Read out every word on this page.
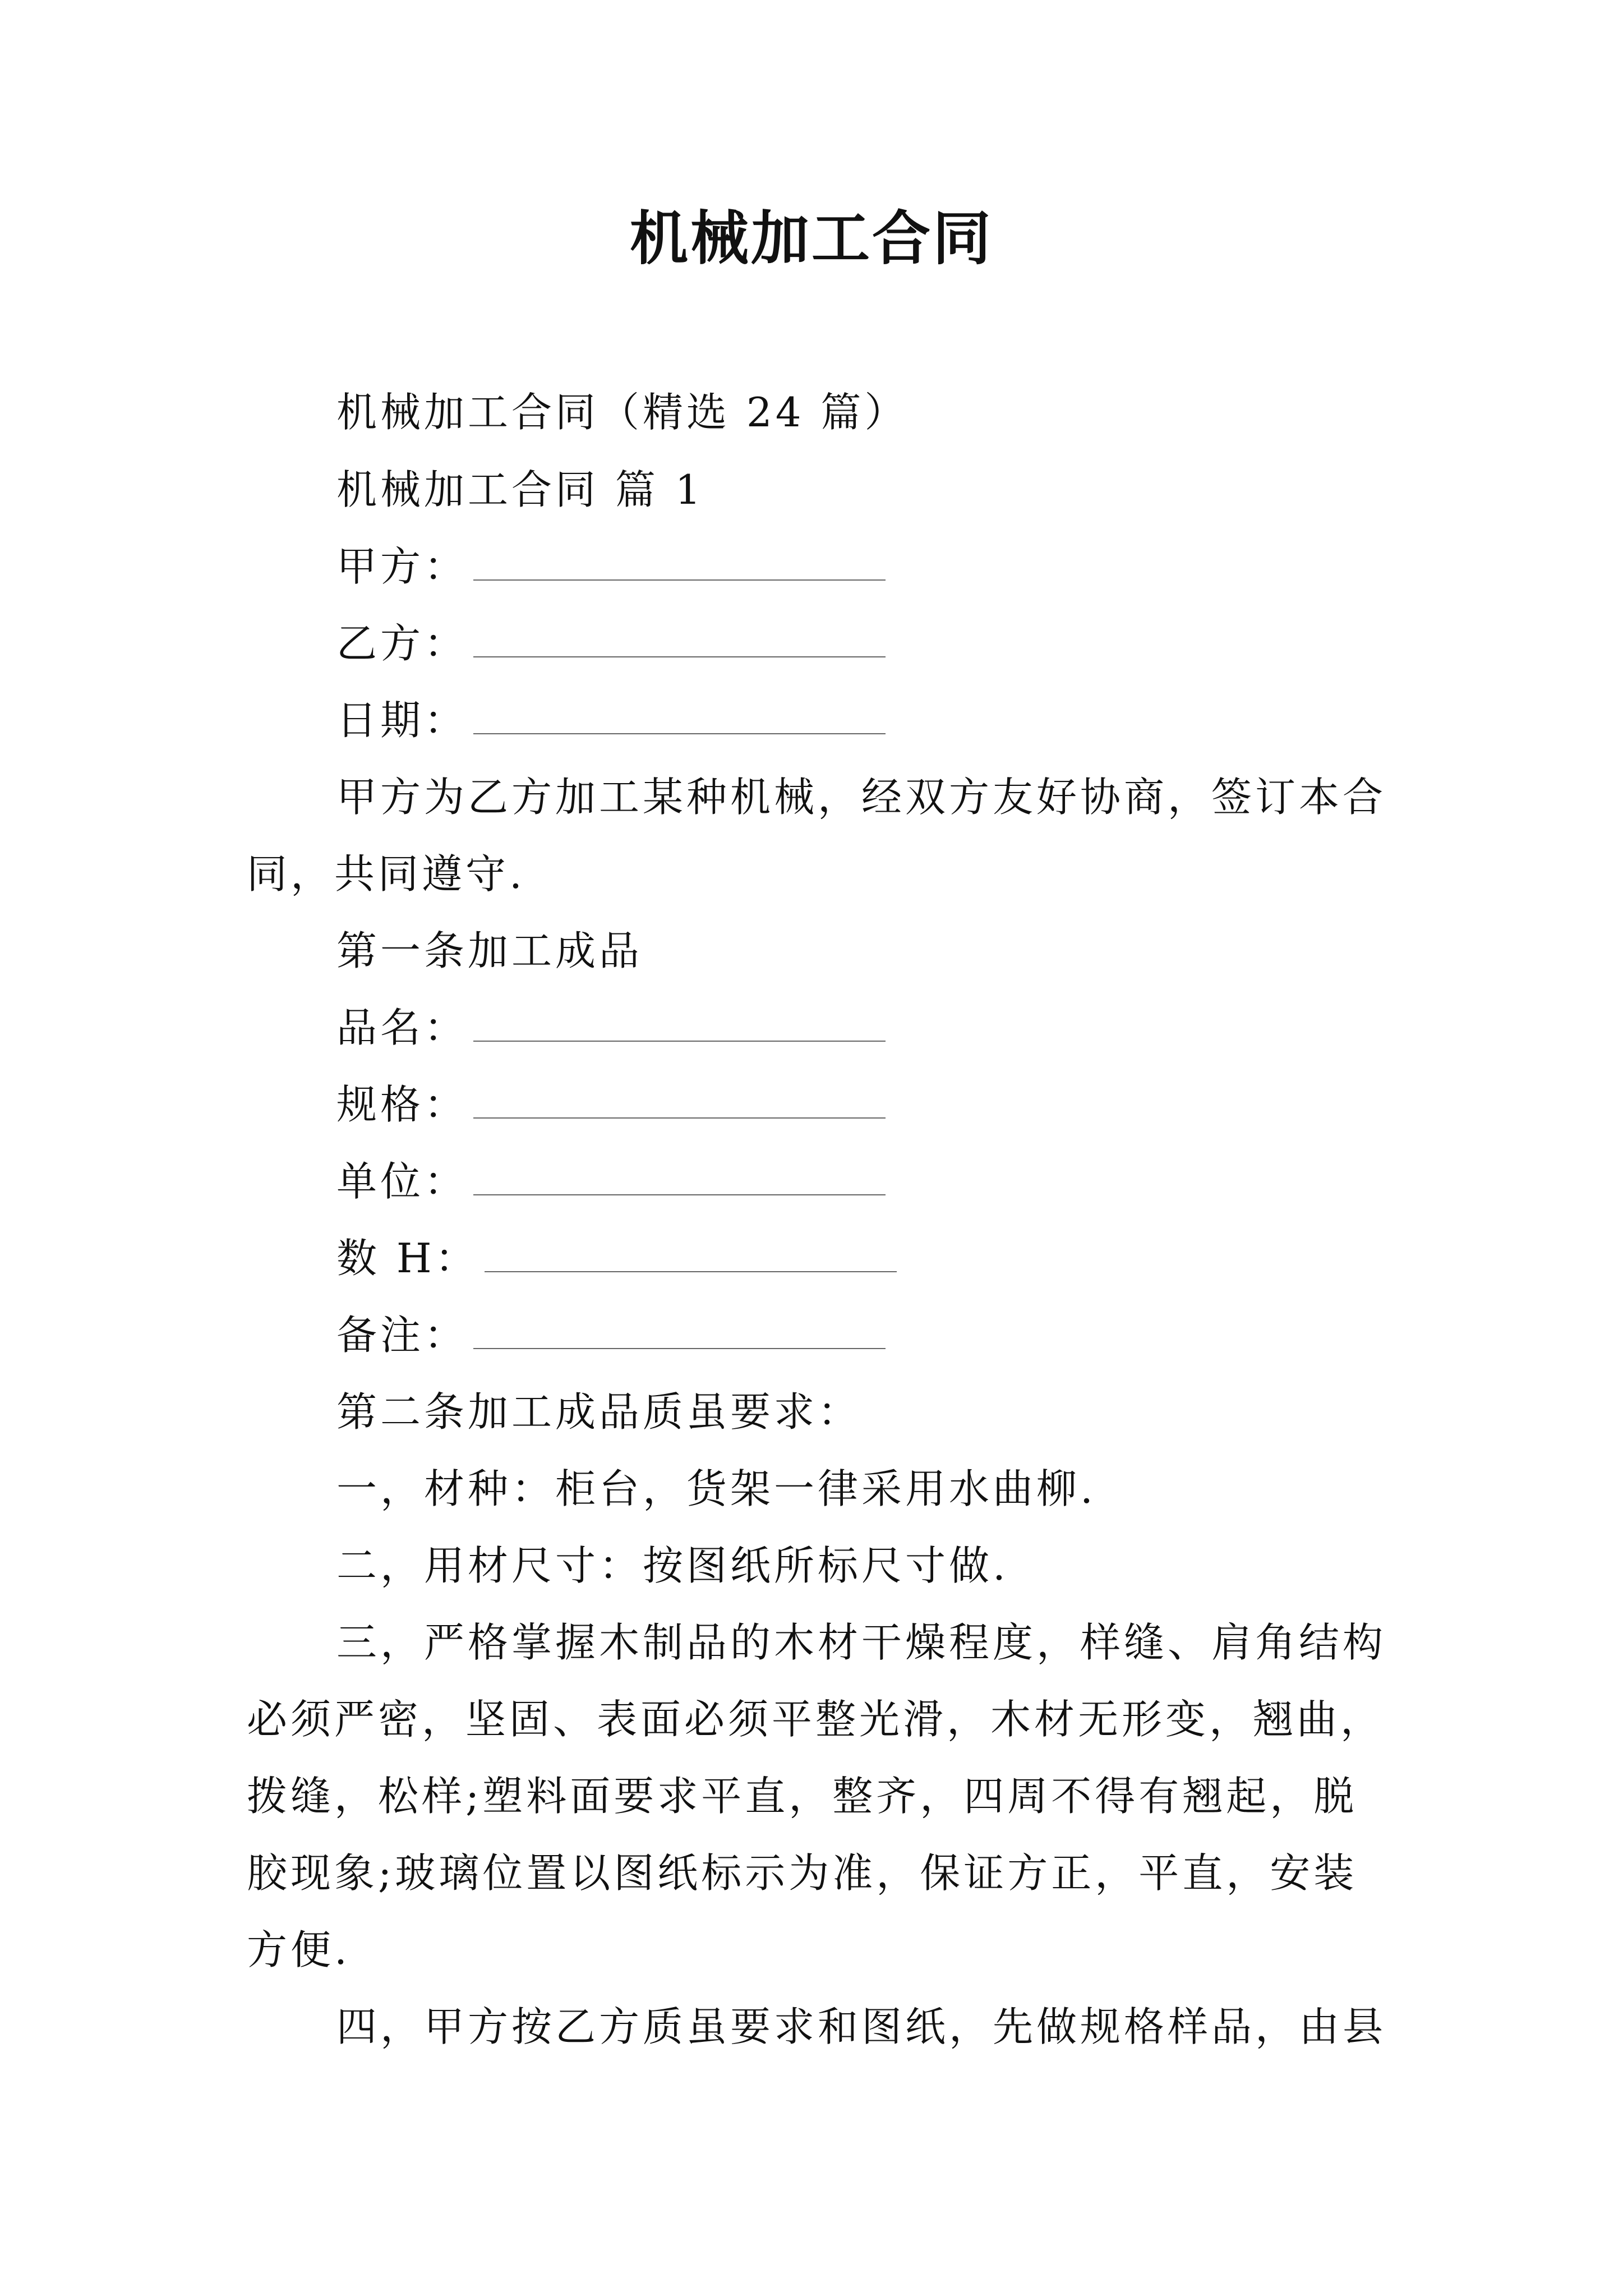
机械加工合同
机械加工合同（精选 24 篇）
机械加工合同 篇 1
甲方：
乙方：
日期：
甲方为乙方加工某种机械，经双方友好协商，签订本合
同，共同遵守.
第一条加工成品
品名：
规格：
单位：
数 H：
备注：
第二条加工成品质虽要求：
一，材种：柜台，货架一律采用水曲柳.
二，用材尺寸：按图纸所标尺寸做.
三，严格掌握木制品的木材干燥程度，样缝、肩角结构
必须严密，坚固、表面必须平整光滑，木材无形变，翘曲，
拨缝，松样;塑料面要求平直，整齐，四周不得有翘起，脱
胶现象;玻璃位置以图纸标示为准，保证方正，平直，安装
方便.
四，甲方按乙方质虽要求和图纸，先做规格样品，由县
